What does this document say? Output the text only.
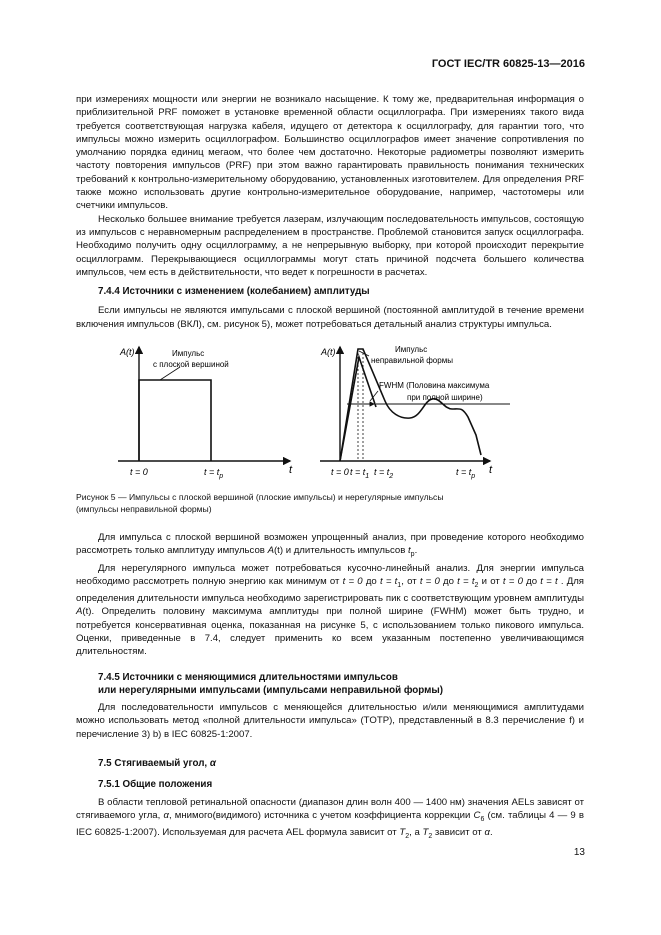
ГОСТ IEC/TR 60825-13—2016

при измерениях мощности или энергии не возникало насыщение. К тому же, предварительная информация о приблизительной PRF поможет в установке временной области осциллографа. При измерениях такого вида требуется соответствующая нагрузка кабеля, идущего от детектора к осциллографу, для гарантии того, что импульсы можно измерить осциллографом. Большинство осциллографов имеет значение сопротивления по умолчанию порядка единиц мегаом, что более чем достаточно. Некоторые радиометры позволяют измерить частоту повторения импульсов (PRF) при этом важно гарантировать правильность понимания технических требований к контрольно-измерительному оборудованию, установленных изготовителем. Для определения PRF также можно использовать другие контрольно-измерительное оборудование, например, частотомеры или счетчики импульсов.

Несколько большее внимание требуется лазерам, излучающим последовательность импульсов, состоящую из импульсов с неравномерным распределением в пространстве. Проблемой становится запуск осциллографа. Необходимо получить одну осциллограмму, а не непрерывную выборку, при которой происходит перекрытие осциллограмм. Перекрывающиеся осциллограммы могут стать причиной подсчета большего количества импульсов, чем есть в действительности, что ведет к погрешности в расчетах.

7.4.4 Источники с изменением (колебанием) амплитуды

Если импульсы не являются импульсами с плоской вершиной (постоянной амплитудой в течение времени включения импульсов (ВКЛ), см. рисунок 5), может потребоваться детальный анализ структуры импульса.

A(t)	Импульс
с плоской вершиной
t = 0	$t = t_p$
t
A(t)	Импульс
неправильной формы
FWHM (Половина максимума
при полной ширине)
t = 0 $t = t_1$ $t = t_2$	$t = t_p$
t

Рисунок 5 — Импульсы с плоской вершиной (плоские импульсы) и нерегулярные импульсы

(импульсы неправильной формы)

Для импульса с плоской вершиной возможен упрощенный анализ, при проведение которого необходимо рассмотреть только амплитуду импульсов A(t) и длительность импульсов $t_p$.

Для нерегулярного импульса может потребоваться кусочно-линейный анализ. Для энергии импульса необходимо рассмотреть полную энергию как минимум от t = 0 до $t = t_1$, от t = 0 до $t = t_2$ и от t = 0 до t = t . Для определения длительности импульса необходимо зарегистрировать пик с соответствующим уровнем амплитуды A(t). Определить половину максимума амплитуды при полной ширине (FWHM) может быть трудно, и потребуется консервативная оценка, показанная на рисунке 5, с использованием только пикового импульса. Оценки, приведенные в 7.4, следует применить ко всем указанным постепенно увеличивающимся длительностям.

7.4.5 Источники с меняющимися длительностями импульсов

или нерегулярными импульсами (импульсами неправильной формы)

Для последовательности импульсов с меняющейся длительностью и/или меняющимися амплитудами можно использовать метод «полной длительности импульса» (TOTP), представленный в 8.3 перечисление f) и перечисление 3) b) в IEC 60825-1:2007.

7.5 Стягиваемый угол, α

7.5.1 Общие положения

В области тепловой ретинальной опасности (диапазон длин волн 400 — 1400 нм) значения AELs зависят от стягиваемого угла, α, мнимого(видимого) источника с учетом коэффициента коррекции $C_6$ (см. таблицы 4 — 9 в IEC 60825-1:2007). Используемая для расчета AEL формула зависит от $T_2$, а $T_2$ зависит от α.

13
